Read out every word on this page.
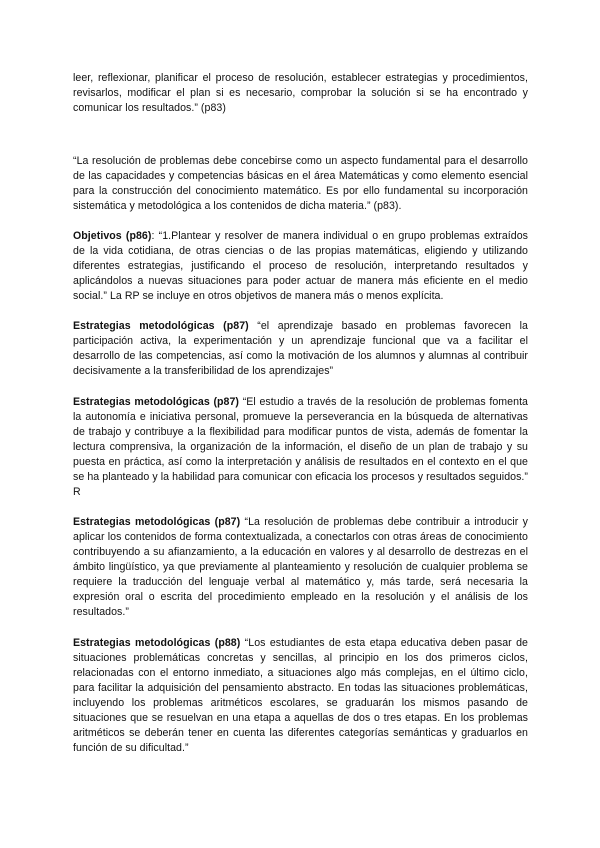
leer, reflexionar, planificar el proceso de resolución, establecer estrategias y procedimientos, revisarlos, modificar el plan si es necesario, comprobar la solución si se ha encontrado y comunicar los resultados.” (p83)

“La resolución de problemas debe concebirse como un aspecto fundamental para el desarrollo de las capacidades y competencias básicas en el área Matemáticas y como elemento esencial para la construcción del conocimiento matemático. Es por ello fundamental su incorporación sistemática y metodológica a los contenidos de dicha materia.” (p83).

Objetivos (p86): “1.Plantear y resolver de manera individual o en grupo problemas extraídos de la vida cotidiana, de otras ciencias o de las propias matemáticas, eligiendo y utilizando diferentes estrategias, justificando el proceso de resolución, interpretando resultados y aplicándolos a nuevas situaciones para poder actuar de manera más eficiente en el medio social.” La RP se incluye en otros objetivos de manera más o menos explícita.

Estrategias metodológicas (p87) “el aprendizaje basado en problemas favorecen la participación activa, la experimentación y un aprendizaje funcional que va a facilitar el desarrollo de las competencias, así como la motivación de los alumnos y alumnas al contribuir decisivamente a la transferibilidad de los aprendizajes”

Estrategias metodológicas (p87) “El estudio a través de la resolución de problemas fomenta la autonomía e iniciativa personal, promueve la perseverancia en la búsqueda de alternativas de trabajo y contribuye a la flexibilidad para modificar puntos de vista, además de fomentar la lectura comprensiva, la organización de la información, el diseño de un plan de trabajo y su puesta en práctica, así como la interpretación y análisis de resultados en el contexto en el que se ha planteado y la habilidad para comunicar con eficacia los procesos y resultados seguidos.” R

Estrategias metodológicas (p87) “La resolución de problemas debe contribuir a introducir y aplicar los contenidos de forma contextualizada, a conectarlos con otras áreas de conocimiento contribuyendo a su afianzamiento, a la educación en valores y al desarrollo de destrezas en el ámbito lingüístico, ya que previamente al planteamiento y resolución de cualquier problema se requiere la traducción del lenguaje verbal al matemático y, más tarde, será necesaria la expresión oral o escrita del procedimiento empleado en la resolución y el análisis de los resultados.”

Estrategias metodológicas (p88) “Los estudiantes de esta etapa educativa deben pasar de situaciones problemáticas concretas y sencillas, al principio en los dos primeros ciclos, relacionadas con el entorno inmediato, a situaciones algo más complejas, en el último ciclo, para facilitar la adquisición del pensamiento abstracto. En todas las situaciones problemáticas, incluyendo los problemas aritméticos escolares, se graduarán los mismos pasando de situaciones que se resuelvan en una etapa a aquellas de dos o tres etapas. En los problemas aritméticos se deberán tener en cuenta las diferentes categorías semánticas y graduarlos en función de su dificultad.”
